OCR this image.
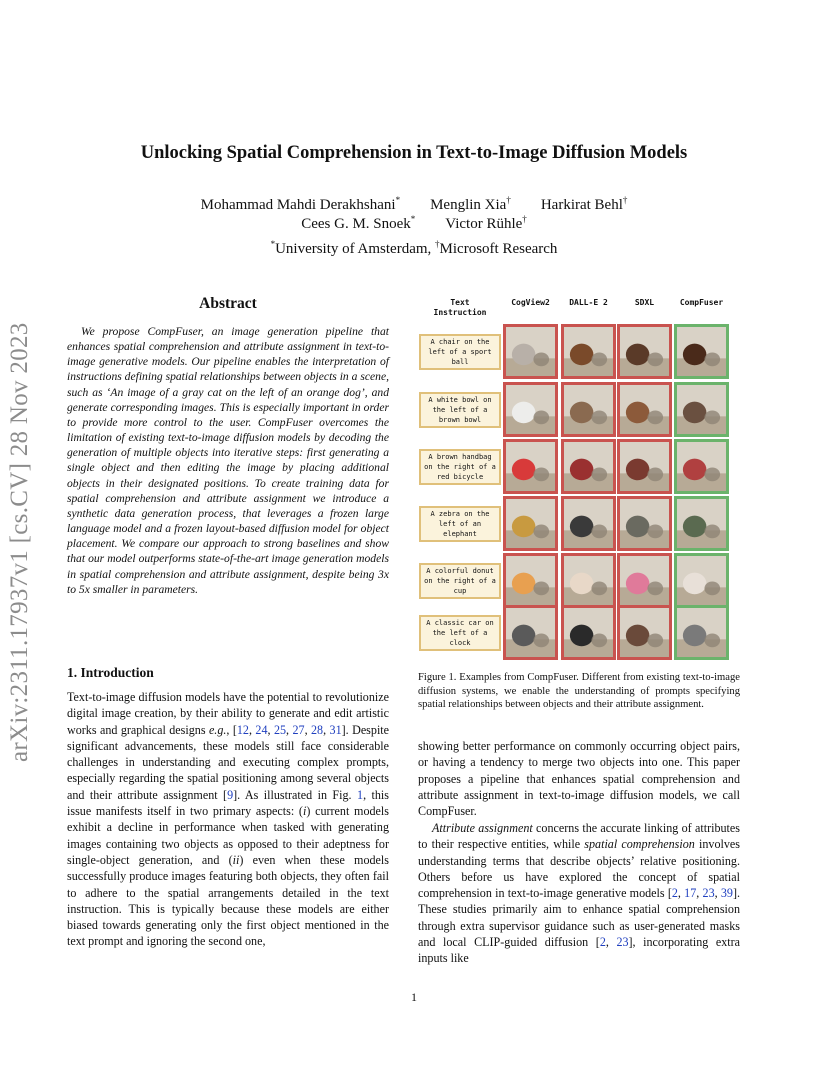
arXiv:2311.17937v1 [cs.CV] 28 Nov 2023
Unlocking Spatial Comprehension in Text-to-Image Diffusion Models
Mohammad Mahdi Derakhshani*   Menglin Xia†   Harkirat Behl†
Cees G. M. Snoek*   Victor Rühle†
*University of Amsterdam, †Microsoft Research
Abstract
We propose CompFuser, an image generation pipeline that enhances spatial comprehension and attribute assignment in text-to-image generative models. Our pipeline enables the interpretation of instructions defining spatial relationships between objects in a scene, such as ‘An image of a gray cat on the left of an orange dog’, and generate corresponding images. This is especially important in order to provide more control to the user. CompFuser overcomes the limitation of existing text-to-image diffusion models by decoding the generation of multiple objects into iterative steps: first generating a single object and then editing the image by placing additional objects in their designated positions. To create training data for spatial comprehension and attribute assignment we introduce a synthetic data generation process, that leverages a frozen large language model and a frozen layout-based diffusion model for object placement. We compare our approach to strong baselines and show that our model outperforms state-of-the-art image generation models in spatial comprehension and attribute assignment, despite being 3x to 5x smaller in parameters.
Text
Instruction
CogView2	DALL-E 2	SDXL	CompFuser
A chair on the left of a sport ball
A white bowl on the left of a brown bowl
A brown handbag on the right of a red bicycle
A zebra on the left of an elephant
A colorful donut on the right of a cup
A classic car on the left of a clock
Figure 1. Examples from CompFuser. Different from existing text-to-image diffusion systems, we enable the understanding of prompts specifying spatial relationships between objects and their attribute assignment.
1. Introduction
Text-to-image diffusion models have the potential to revolutionize digital image creation, by their ability to generate and edit artistic works and graphical designs e.g., [12, 24, 25, 27, 28, 31]. Despite significant advancements, these models still face considerable challenges in understanding and executing complex prompts, especially regarding the spatial positioning among several objects and their attribute assignment [9]. As illustrated in Fig. 1, this issue manifests itself in two primary aspects: (i) current models exhibit a decline in performance when tasked with generating images containing two objects as opposed to their adeptness for single-object generation, and (ii) even when these models successfully produce images featuring both objects, they often fail to adhere to the spatial arrangements detailed in the text instruction. This is typically because these models are either biased towards generating only the first object mentioned in the text prompt and ignoring the second one,
showing better performance on commonly occurring object pairs, or having a tendency to merge two objects into one. This paper proposes a pipeline that enhances spatial comprehension and attribute assignment in text-to-image diffusion models, we call CompFuser.
Attribute assignment concerns the accurate linking of attributes to their respective entities, while spatial comprehension involves understanding terms that describe objects’ relative positioning. Others before us have explored the concept of spatial comprehension in text-to-image generative models [2, 17, 23, 39]. These studies primarily aim to enhance spatial comprehension through extra supervisor guidance such as user-generated masks and local CLIP-guided diffusion [2, 23], incorporating extra inputs like
1
